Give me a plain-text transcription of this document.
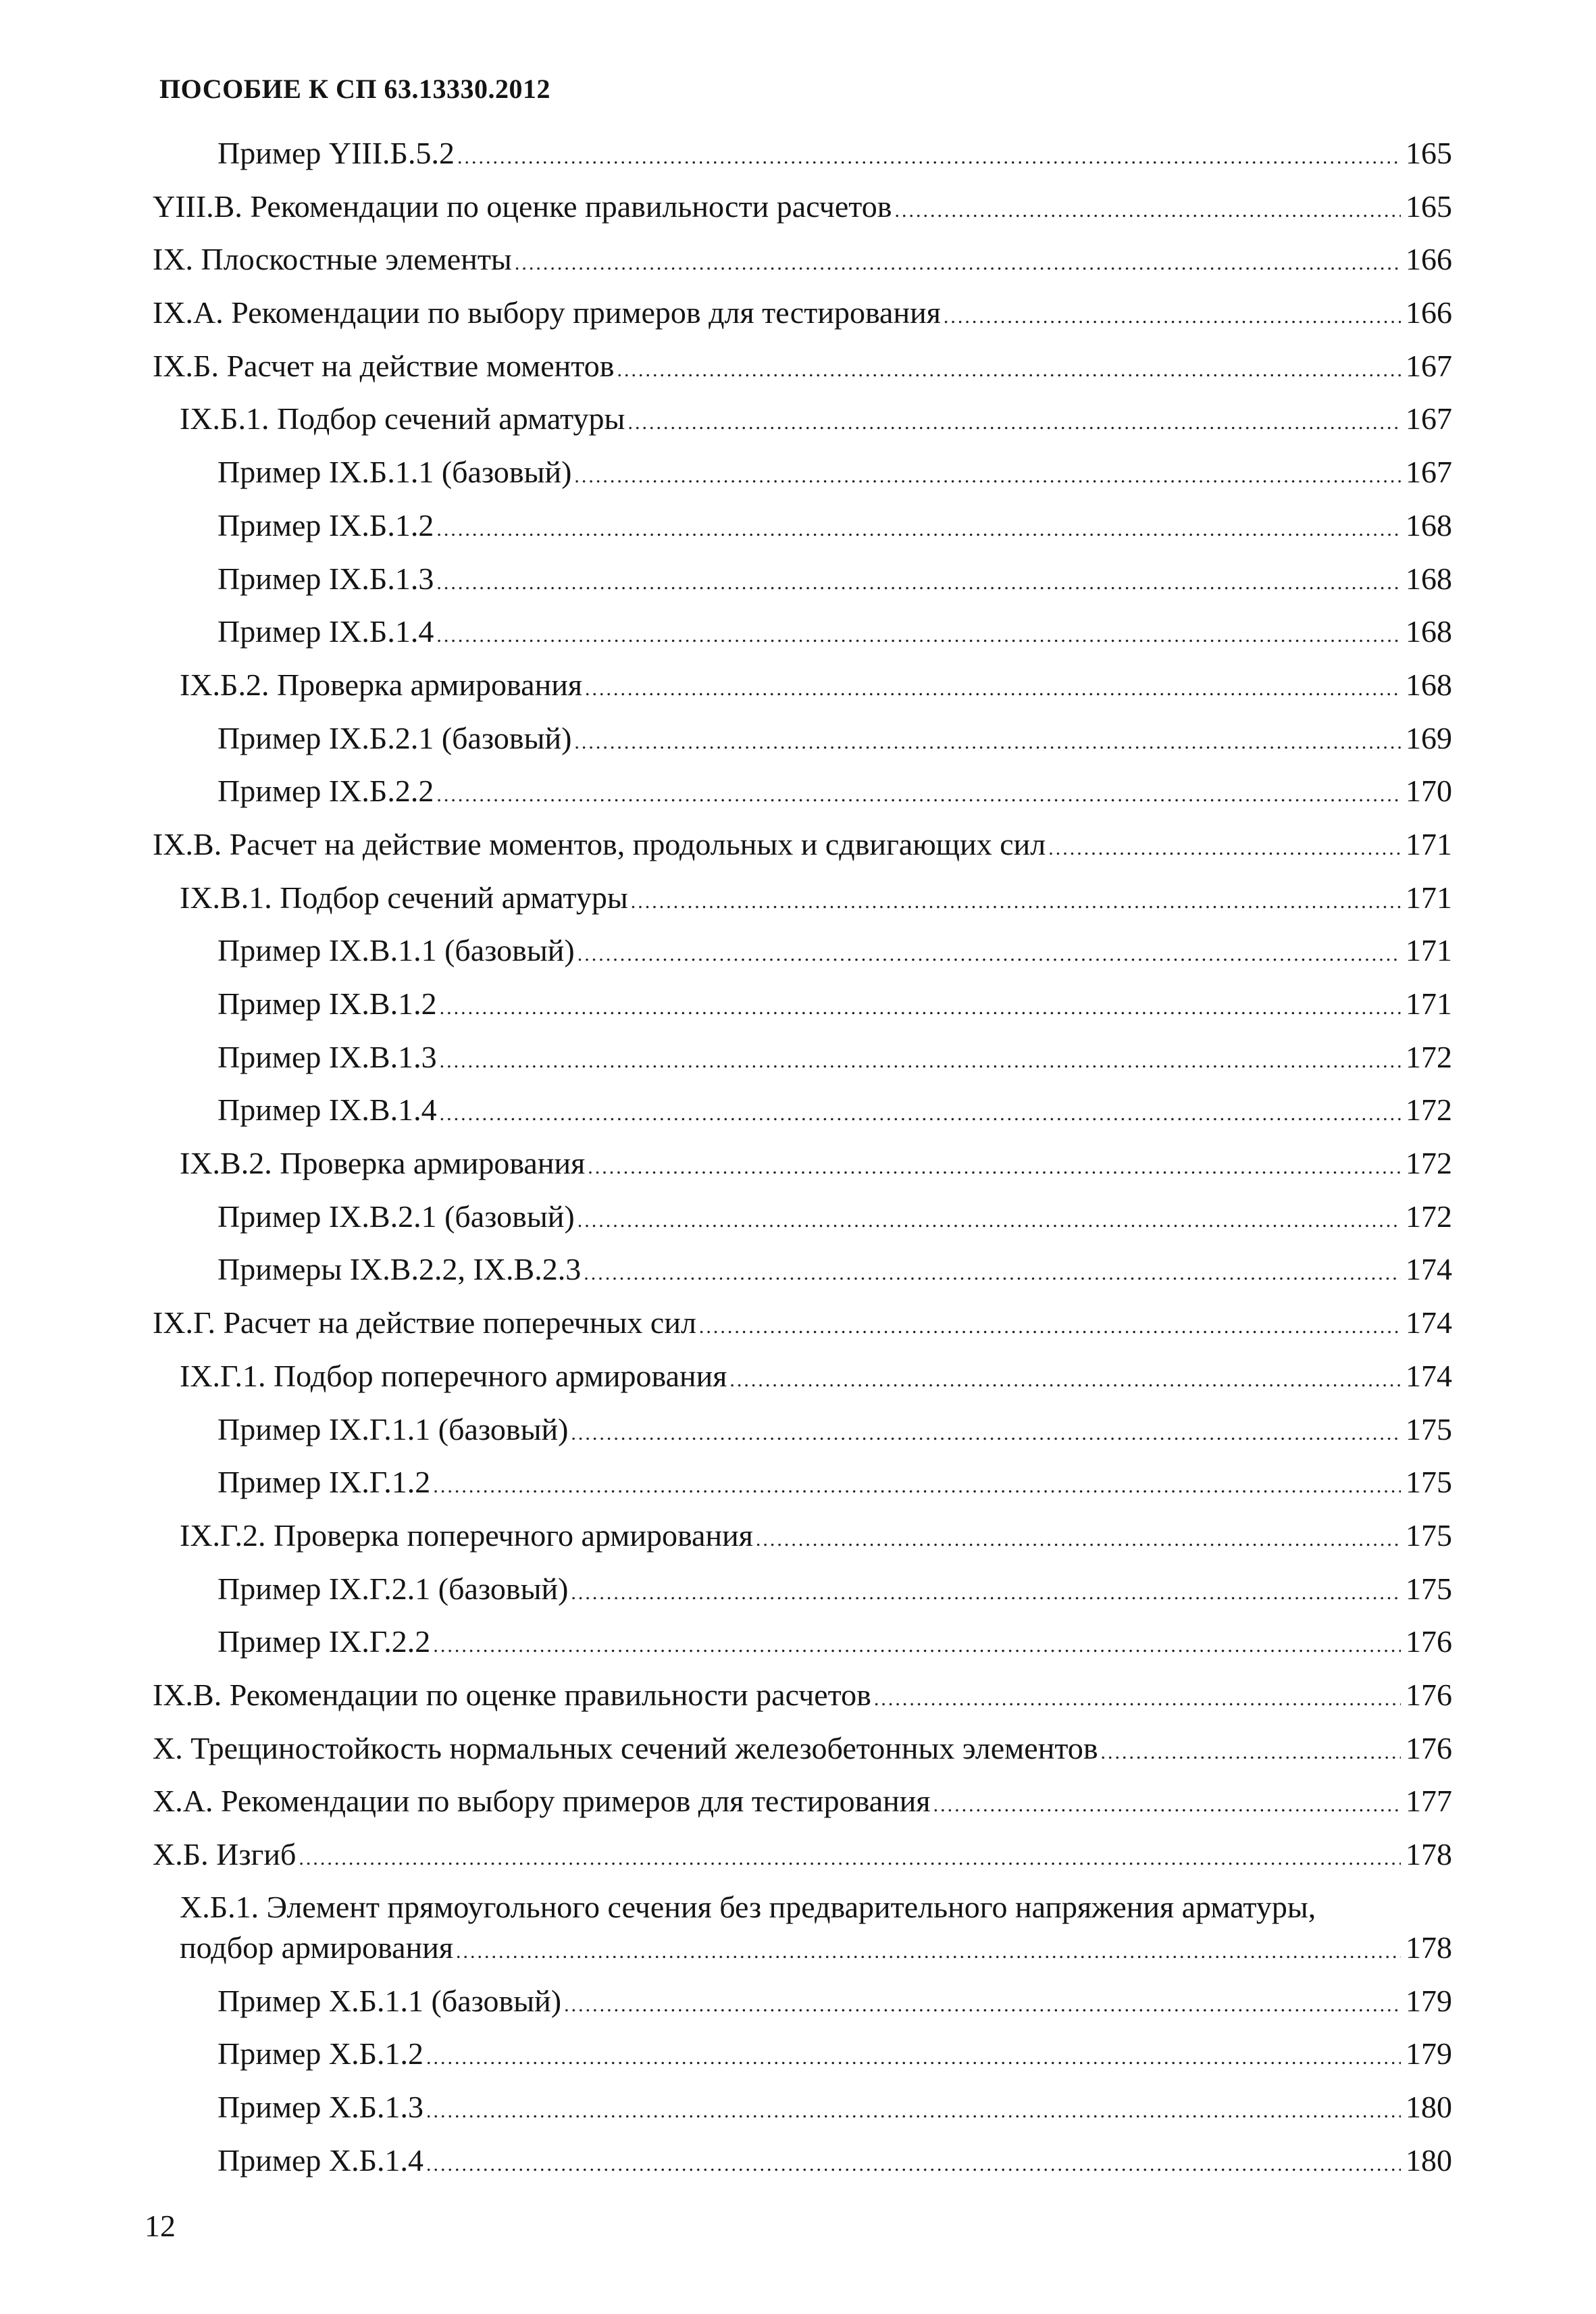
ПОСОБИЕ К СП 63.13330.2012
Пример YIII.Б.5.2 .....	165
YIII.В. Рекомендации по оценке правильности расчетов .....	165
IX. Плоскостные элементы .....	166
IX.А. Рекомендации по выбору примеров для тестирования .....	166
IX.Б. Расчет на действие моментов .....	167
IX.Б.1. Подбор сечений арматуры .....	167
Пример IX.Б.1.1 (базовый) .....	167
Пример IX.Б.1.2 .....	168
Пример IX.Б.1.3 .....	168
Пример IX.Б.1.4 .....	168
IX.Б.2. Проверка армирования .....	168
Пример IX.Б.2.1 (базовый) .....	169
Пример IX.Б.2.2 .....	170
IX.В. Расчет на действие моментов, продольных и сдвигающих сил .....	171
IX.В.1. Подбор сечений арматуры .....	171
Пример IX.В.1.1 (базовый) .....	171
Пример IX.В.1.2 .....	171
Пример IX.В.1.3 .....	172
Пример IX.В.1.4 .....	172
IX.В.2. Проверка армирования .....	172
Пример IX.В.2.1 (базовый) .....	172
Примеры IX.В.2.2, IX.В.2.3 .....	174
IX.Г. Расчет на действие поперечных сил .....	174
IX.Г.1. Подбор поперечного армирования .....	174
Пример IX.Г.1.1 (базовый) .....	175
Пример IX.Г.1.2 .....	175
IX.Г.2. Проверка поперечного армирования .....	175
Пример IX.Г.2.1 (базовый) .....	175
Пример IX.Г.2.2 .....	176
IX.В. Рекомендации по оценке правильности расчетов .....	176
X. Трещиностойкость нормальных сечений железобетонных элементов .....	176
X.А. Рекомендации по выбору примеров для тестирования .....	177
X.Б. Изгиб .....	178
X.Б.1. Элемент прямоугольного сечения без предварительного напряжения арматуры,
подбор армирования .....	178
Пример X.Б.1.1 (базовый) .....	179
Пример X.Б.1.2 .....	179
Пример X.Б.1.3 .....	180
Пример X.Б.1.4 .....	180
12
